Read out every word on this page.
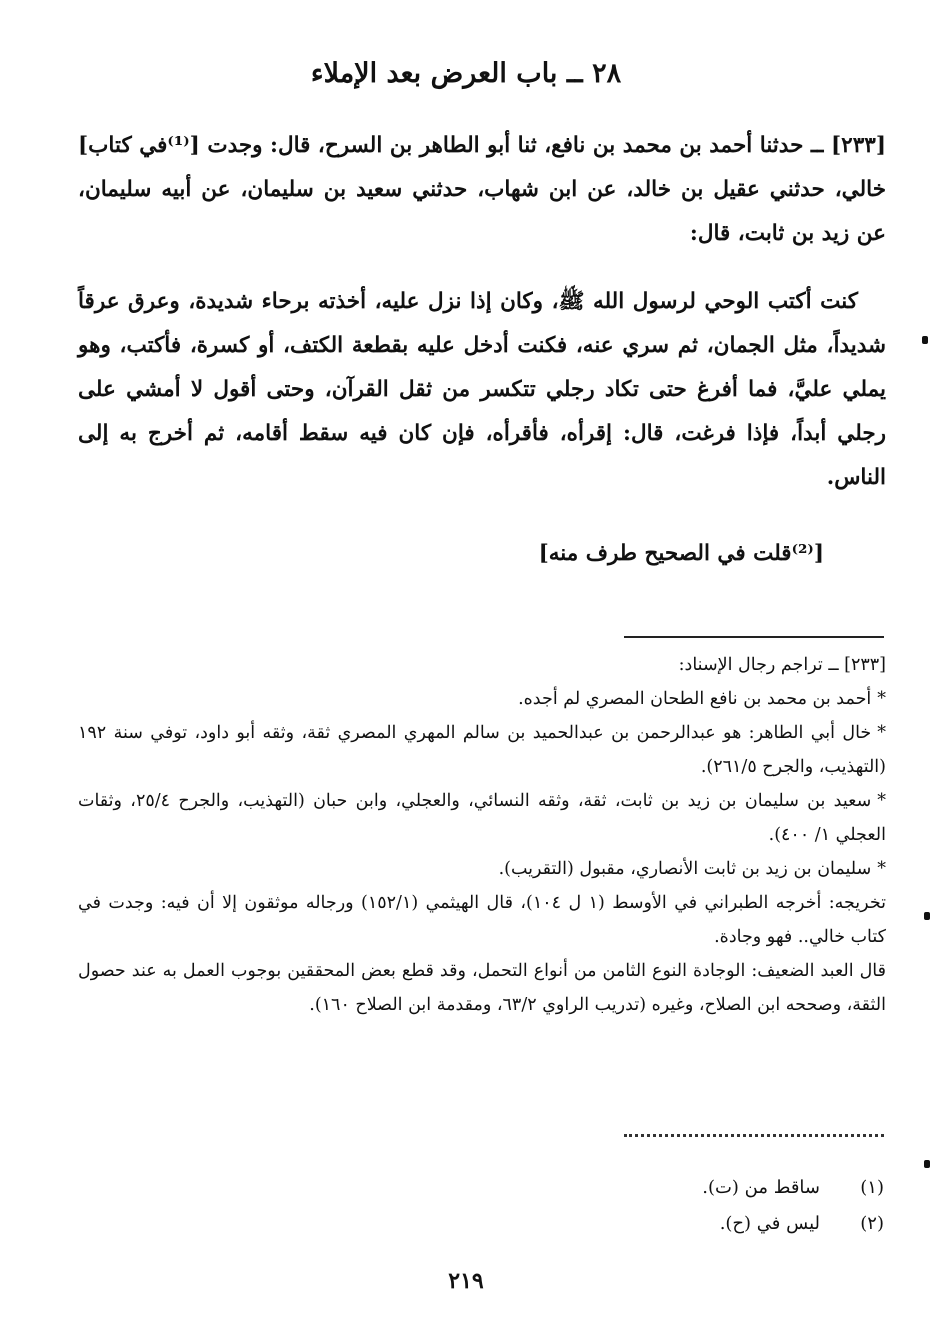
٢٨ ــ باب العرض بعد الإملاء

[٢٣٣] ــ حدثنا أحمد بن محمد بن نافع، ثنا أبو الطاهر بن السرح، قال: وجدت [⁽¹⁾في كتاب] خالي، حدثني عقيل بن خالد، عن ابن شهاب، حدثني سعيد بن سليمان، عن أبيه سليمان، عن زيد بن ثابت، قال:

كنت أكتب الوحي لرسول الله ﷺ، وكان إذا نزل عليه، أخذته برحاء شديدة، وعرق عرقاً شديداً، مثل الجمان، ثم سري عنه، فكنت أدخل عليه بقطعة الكتف، أو كسرة، فأكتب، وهو يملي عليَّ، فما أفرغ حتى تكاد رجلي تتكسر من ثقل القرآن، وحتى أقول لا أمشي على رجلي أبداً، فإذا فرغت، قال: إقرأه، فأقرأه، فإن كان فيه سقط أقامه، ثم أخرج به إلى الناس.

[⁽²⁾قلت في الصحيح طرف منه]

[٢٣٣] ــ تراجم رجال الإسناد:
*أحمد بن محمد بن نافع الطحان المصري لم أجده.
*خال أبي الطاهر: هو عبدالرحمن بن عبدالحميد بن سالم المهري المصري ثقة، وثقه أبو داود، توفي سنة ١٩٢ (التهذيب، والجرح ٢٦١/٥).
*سعيد بن سليمان بن زيد بن ثابت، ثقة، وثقه النسائي، والعجلي، وابن حبان (التهذيب، والجرح ٢٥/٤، وثقات العجلي ١/ ٤٠٠).
*سليمان بن زيد بن ثابت الأنصاري، مقبول (التقريب).
تخريجه: أخرجه الطبراني في الأوسط (١ ل ١٠٤)، قال الهيثمي (١٥٢/١) ورجاله موثقون إلا أن فيه: وجدت في كتاب خالي.. فهو وجادة.
قال العبد الضعيف: الوجادة النوع الثامن من أنواع التحمل، وقد قطع بعض المحققين بوجوب العمل به عند حصول الثقة، وصححه ابن الصلاح، وغيره (تدريب الراوي ٦٣/٢، ومقدمة ابن الصلاح ١٦٠).
(١)ساقط من (ت).
(٢)ليس في (ح).
٢١٩
